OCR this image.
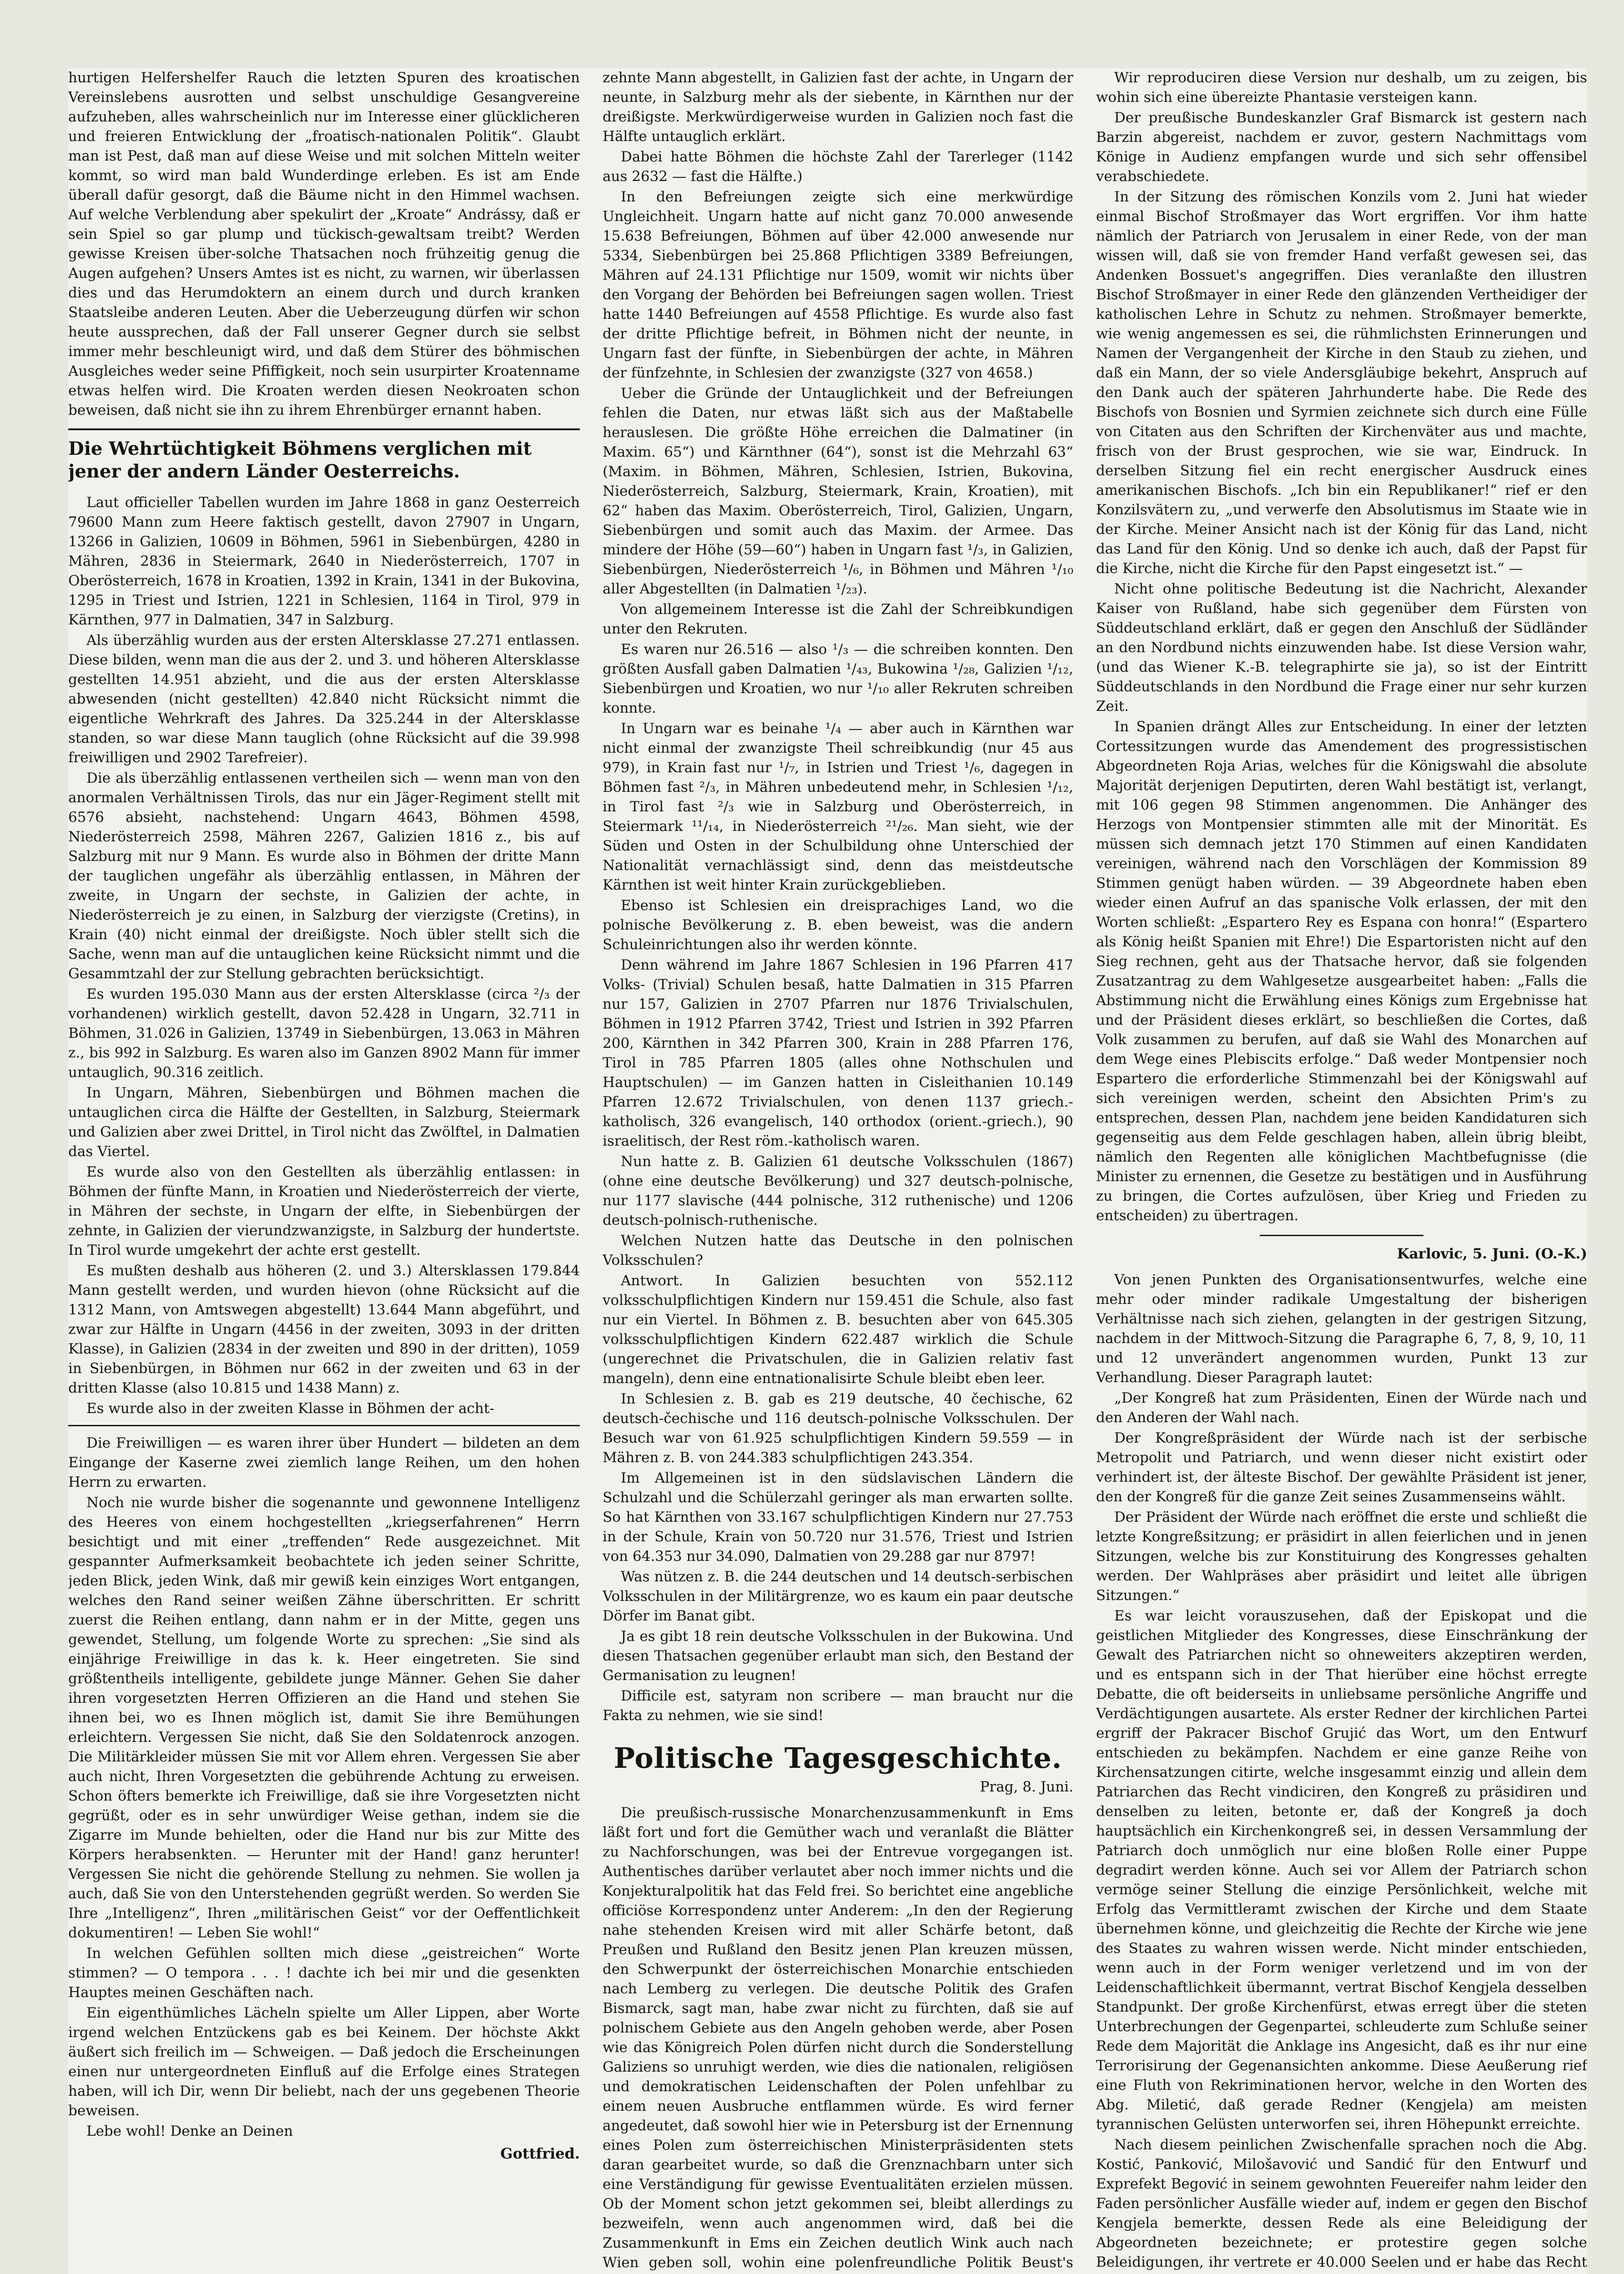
hurtigen Helfershelfer Rauch die letzten Spuren des kroatischen Vereinslebens ausrotten und selbst unschuldige Gesangvereine aufzuheben, alles wahrscheinlich nur im Interesse einer glücklicheren und freieren Entwicklung der „froatisch-nationalen Politik“. Glaubt man ist Pest, daß man auf diese Weise und mit solchen Mitteln weiter kommt, so wird man bald Wunderdinge erleben. Es ist am Ende überall dafür gesorgt, daß die Bäume nicht in den Himmel wachsen. Auf welche Verblendung aber spekulirt der „Kroate“ Andrássy, daß er sein Spiel so gar plump und tückisch-gewaltsam treibt? Werden gewisse Kreisen über-solche Thatsachen noch frühzeitig genug die Augen aufgehen? Unsers Amtes ist es nicht, zu warnen, wir überlassen dies und das Herumdoktern an einem durch und durch kranken Staatsleibe anderen Leuten. Aber die Ueberzeugung dürfen wir schon heute aussprechen, daß der Fall unserer Gegner durch sie selbst immer mehr beschleunigt wird, und daß dem Stürer des böhmischen Ausgleiches weder seine Pfiffigkeit, noch sein usurpirter Kroatenname etwas helfen wird. Die Kroaten werden diesen Neokroaten schon beweisen, daß nicht sie ihn zu ihrem Ehrenbürger ernannt haben.

Die Wehrtüchtigkeit Böhmens verglichen mit jener der andern Länder Oesterreichs.

Laut officieller Tabellen wurden im Jahre 1868 in ganz Oesterreich 79600 Mann zum Heere faktisch gestellt, davon 27907 in Ungarn, 13266 in Galizien, 10609 in Böhmen, 5961 in Siebenbürgen, 4280 in Mähren, 2836 in Steiermark, 2640 in Niederösterreich, 1707 in Oberösterreich, 1678 in Kroatien, 1392 in Krain, 1341 in der Bukovina, 1295 in Triest und Istrien, 1221 in Schlesien, 1164 in Tirol, 979 in Kärnthen, 977 in Dalmatien, 347 in Salzburg.

Als überzählig wurden aus der ersten Altersklasse 27.271 entlassen. Diese bilden, wenn man die aus der 2. und 3. und höheren Altersklasse gestellten 14.951 abzieht, und die aus der ersten Altersklasse abwesenden (nicht gestellten) 42.840 nicht Rücksicht nimmt die eigentliche Wehrkraft des Jahres. Da 325.244 in der Altersklasse standen, so war diese Mann tauglich (ohne Rücksicht auf die 39.998 freiwilligen und 2902 Tarefreier).

Die als überzählig entlassenen vertheilen sich — wenn man von den anormalen Verhältnissen Tirols, das nur ein Jäger-Regiment stellt mit 6576 absieht, nachstehend: Ungarn 4643, Böhmen 4598, Niederösterreich 2598, Mähren 2267, Galizien 1816 z., bis auf Salzburg mit nur 9 Mann. Es wurde also in Böhmen der dritte Mann der tauglichen ungefähr als überzählig entlassen, in Mähren der zweite, in Ungarn der sechste, in Galizien der achte, in Niederösterreich je zu einen, in Salzburg der vierzigste (Cretins), in Krain (40) nicht einmal der dreißigste. Noch übler stellt sich die Sache, wenn man auf die untauglichen keine Rücksicht nimmt und die Gesammtzahl der zur Stellung gebrachten berücksichtigt.

Es wurden 195.030 Mann aus der ersten Altersklasse (circa ²/₃ der vorhandenen) wirklich gestellt, davon 52.428 in Ungarn, 32.711 in Böhmen, 31.026 in Galizien, 13749 in Siebenbürgen, 13.063 in Mähren z., bis 992 in Salzburg. Es waren also im Ganzen 8902 Mann für immer untauglich, 90.316 zeitlich.

In Ungarn, Mähren, Siebenbürgen und Böhmen machen die untauglichen circa die Hälfte der Gestellten, in Salzburg, Steiermark und Galizien aber zwei Drittel, in Tirol nicht das Zwölftel, in Dalmatien das Viertel.

Es wurde also von den Gestellten als überzählig entlassen: in Böhmen der fünfte Mann, in Kroatien und Niederösterreich der vierte, in Mähren der sechste, in Ungarn der elfte, in Siebenbürgen der zehnte, in Galizien der vierundzwanzigste, in Salzburg der hundertste. In Tirol wurde umgekehrt der achte erst gestellt.

Es mußten deshalb aus höheren (2. und 3.) Altersklassen 179.844 Mann gestellt werden, und wurden hievon (ohne Rücksicht auf die 1312 Mann, von Amtswegen abgestellt) 13.644 Mann abgeführt, und zwar zur Hälfte in Ungarn (4456 in der zweiten, 3093 in der dritten Klasse), in Galizien (2834 in der zweiten und 890 in der dritten), 1059 in Siebenbürgen, in Böhmen nur 662 in der zweiten und 63 in der dritten Klasse (also 10.815 und 1438 Mann) z.

Es wurde also in der zweiten Klasse in Böhmen der acht-

Die Freiwilligen — es waren ihrer über Hundert — bildeten an dem Eingange der Kaserne zwei ziemlich lange Reihen, um den hohen Herrn zu erwarten.

Noch nie wurde bisher die sogenannte und gewonnene Intelligenz des Heeres von einem hochgestellten „kriegserfahrenen“ Herrn besichtigt und mit einer „treffenden“ Rede ausgezeichnet. Mit gespannter Aufmerksamkeit beobachtete ich jeden seiner Schritte, jeden Blick, jeden Wink, daß mir gewiß kein einziges Wort entgangen, welches den Rand seiner weißen Zähne überschritten. Er schritt zuerst die Reihen entlang, dann nahm er in der Mitte, gegen uns gewendet, Stellung, um folgende Worte zu sprechen: „Sie sind als einjährige Freiwillige in das k. k. Heer eingetreten. Sie sind größtentheils intelligente, gebildete junge Männer. Gehen Sie daher ihren vorgesetzten Herren Offizieren an die Hand und stehen Sie ihnen bei, wo es Ihnen möglich ist, damit Sie ihre Bemühungen erleichtern. Vergessen Sie nicht, daß Sie den Soldatenrock anzogen. Die Militärkleider müssen Sie mit vor Allem ehren. Vergessen Sie aber auch nicht, Ihren Vorgesetzten die gebührende Achtung zu erweisen. Schon öfters bemerkte ich Freiwillige, daß sie ihre Vorgesetzten nicht gegrüßt, oder es in sehr unwürdiger Weise gethan, indem sie die Zigarre im Munde behielten, oder die Hand nur bis zur Mitte des Körpers herabsenkten. — Herunter mit der Hand! ganz herunter! Vergessen Sie nicht die gehörende Stellung zu nehmen. Sie wollen ja auch, daß Sie von den Unterstehenden gegrüßt werden. So werden Sie Ihre „Intelligenz“, Ihren „militärischen Geist“ vor der Oeffentlichkeit dokumentiren! — Leben Sie wohl!“

In welchen Gefühlen sollten mich diese „geistreichen“ Worte stimmen? — O tempora . . . ! dachte ich bei mir und die gesenkten Hauptes meinen Geschäften nach.

Ein eigenthümliches Lächeln spielte um Aller Lippen, aber Worte irgend welchen Entzückens gab es bei Keinem. Der höchste Akkt äußert sich freilich im — Schweigen. — Daß jedoch die Erscheinungen einen nur untergeordneten Einfluß auf die Erfolge eines Strategen haben, will ich Dir, wenn Dir beliebt, nach der uns gegebenen Theorie beweisen.

Lebe wohl! Denke an Deinen

Gottfried.

zehnte Mann abgestellt, in Galizien fast der achte, in Ungarn der neunte, in Salzburg mehr als der siebente, in Kärnthen nur der dreißigste. Merkwürdigerweise wurden in Galizien noch fast die Hälfte untauglich erklärt.

Dabei hatte Böhmen die höchste Zahl der Tarerleger (1142 aus 2632 — fast die Hälfte.)

In den Befreiungen zeigte sich eine merkwürdige Ungleichheit. Ungarn hatte auf nicht ganz 70.000 anwesende 15.638 Befreiungen, Böhmen auf über 42.000 anwesende nur 5334, Siebenbürgen bei 25.868 Pflichtigen 3389 Befreiungen, Mähren auf 24.131 Pflichtige nur 1509, womit wir nichts über den Vorgang der Behörden bei Befreiungen sagen wollen. Triest hatte 1440 Befreiungen auf 4558 Pflichtige. Es wurde also fast der dritte Pflichtige befreit, in Böhmen nicht der neunte, in Ungarn fast der fünfte, in Siebenbürgen der achte, in Mähren der fünfzehnte, in Schlesien der zwanzigste (327 von 4658.)

Ueber die Gründe der Untauglichkeit und der Befreiungen fehlen die Daten, nur etwas läßt sich aus der Maßtabelle herauslesen. Die größte Höhe erreichen die Dalmatiner (in Maxim. 65“) und Kärnthner (64“), sonst ist die Mehrzahl 63“ (Maxim. in Böhmen, Mähren, Schlesien, Istrien, Bukovina, Niederösterreich, Salzburg, Steiermark, Krain, Kroatien), mit 62“ haben das Maxim. Oberösterreich, Tirol, Galizien, Ungarn, Siebenbürgen und somit auch das Maxim. der Armee. Das mindere der Höhe (59—60“) haben in Ungarn fast ¹/₃, in Galizien, Siebenbürgen, Niederösterreich ¹/₆, in Böhmen und Mähren ¹/₁₀ aller Abgestellten (in Dalmatien ¹/₂₃).

Von allgemeinem Interesse ist die Zahl der Schreibkundigen unter den Rekruten.

Es waren nur 26.516 — also ¹/₃ — die schreiben konnten. Den größten Ausfall gaben Dalmatien ¹/₄₃, Bukowina ¹/₂₈, Galizien ¹/₁₂, Siebenbürgen und Kroatien, wo nur ¹/₁₀ aller Rekruten schreiben konnte.

In Ungarn war es beinahe ¹/₄ — aber auch in Kärnthen war nicht einmal der zwanzigste Theil schreibkundig (nur 45 aus 979), in Krain fast nur ¹/₇, in Istrien und Triest ¹/₆, dagegen in Böhmen fast ²/₃, in Mähren unbedeutend mehr, in Schlesien ¹/₁₂, in Tirol fast ²/₃ wie in Salzburg und Oberösterreich, in Steiermark ¹¹/₁₄, in Niederösterreich ²¹/₂₆. Man sieht, wie der Süden und Osten in der Schulbildung ohne Unterschied der Nationalität vernachlässigt sind, denn das meistdeutsche Kärnthen ist weit hinter Krain zurückgeblieben.

Ebenso ist Schlesien ein dreisprachiges Land, wo die polnische Bevölkerung z. B. eben beweist, was die andern Schuleinrichtungen also ihr werden könnte.

Denn während im Jahre 1867 Schlesien in 196 Pfarren 417 Volks- (Trivial) Schulen besaß, hatte Dalmatien in 315 Pfarren nur 157, Galizien in 2707 Pfarren nur 1876 Trivialschulen, Böhmen in 1912 Pfarren 3742, Triest und Istrien in 392 Pfarren 200, Kärnthen in 342 Pfarren 300, Krain in 288 Pfarren 176, Tirol in 785 Pfarren 1805 (alles ohne Nothschulen und Hauptschulen) — im Ganzen hatten in Cisleithanien 10.149 Pfarren 12.672 Trivialschulen, von denen 1137 griech.-katholisch, 326 evangelisch, 140 orthodox (orient.-griech.), 90 israelitisch, der Rest röm.-katholisch waren.

Nun hatte z. B. Galizien 61 deutsche Volksschulen (1867) (ohne eine deutsche Bevölkerung) und 327 deutsch-polnische, nur 1177 slavische (444 polnische, 312 ruthenische) und 1206 deutsch-polnisch-ruthenische.

Welchen Nutzen hatte das Deutsche in den polnischen Volksschulen?

Antwort. In Galizien besuchten von 552.112 volksschulpflichtigen Kindern nur 159.451 die Schule, also fast nur ein Viertel. In Böhmen z. B. besuchten aber von 645.305 volksschulpflichtigen Kindern 622.487 wirklich die Schule (ungerechnet die Privatschulen, die in Galizien relativ fast mangeln), denn eine entnationalisirte Schule bleibt eben leer.

In Schlesien z. B. gab es 219 deutsche, 40 čechische, 62 deutsch-čechische und 116 deutsch-polnische Volksschulen. Der Besuch war von 61.925 schulpflichtigen Kindern 59.559 — in Mähren z. B. von 244.383 schulpflichtigen 243.354.

Im Allgemeinen ist in den südslavischen Ländern die Schulzahl und die Schülerzahl geringer als man erwarten sollte. So hat Kärnthen von 33.167 schulpflichtigen Kindern nur 27.753 in der Schule, Krain von 50.720 nur 31.576, Triest und Istrien von 64.353 nur 34.090, Dalmatien von 29.288 gar nur 8797!

Was nützen z. B. die 244 deutschen und 14 deutsch-serbischen Volksschulen in der Militärgrenze, wo es kaum ein paar deutsche Dörfer im Banat gibt.

Ja es gibt 18 rein deutsche Volksschulen in der Bukowina. Und diesen Thatsachen gegenüber erlaubt man sich, den Bestand der Germanisation zu leugnen!

Difficile est, satyram non scribere — man braucht nur die Fakta zu nehmen, wie sie sind!

Politische Tagesgeschichte.
Prag, 8. Juni.

Die preußisch-russische Monarchenzusammenkunft in Ems läßt fort und fort die Gemüther wach und veranlaßt die Blätter zu Nachforschungen, was bei der Entrevue vorgegangen ist. Authentisches darüber verlautet aber noch immer nichts und die Konjekturalpolitik hat das Feld frei. So berichtet eine angebliche officiöse Korrespondenz unter Anderem: „In den der Regierung nahe stehenden Kreisen wird mit aller Schärfe betont, daß Preußen und Rußland den Besitz jenen Plan kreuzen müssen, den Schwerpunkt der österreichischen Monarchie entschieden nach Lemberg zu verlegen. Die deutsche Politik des Grafen Bismarck, sagt man, habe zwar nicht zu fürchten, daß sie auf polnischem Gebiete aus den Angeln gehoben werde, aber Posen wie das Königreich Polen dürfen nicht durch die Sonderstellung Galiziens so unruhigt werden, wie dies die nationalen, religiösen und demokratischen Leidenschaften der Polen unfehlbar zu einem neuen Ausbruche entflammen würde. Es wird ferner angedeutet, daß sowohl hier wie in Petersburg ist der Ernennung eines Polen zum österreichischen Ministerpräsidenten stets daran gearbeitet wurde, so daß die Grenznachbarn unter sich eine Verständigung für gewisse Eventualitäten erzielen müssen. Ob der Moment schon jetzt gekommen sei, bleibt allerdings zu bezweifeln, wenn auch angenommen wird, daß bei die Zusammenkunft in Ems ein Zeichen deutlich Wink auch nach Wien geben soll, wohin eine polenfreundliche Politik Beust's

Wir reproduciren diese Version nur deshalb, um zu zeigen, bis wohin sich eine übereizte Phantasie versteigen kann.

Der preußische Bundeskanzler Graf Bismarck ist gestern nach Barzin abgereist, nachdem er zuvor, gestern Nachmittags vom Könige in Audienz empfangen wurde und sich sehr offensibel verabschiedete.

In der Sitzung des römischen Konzils vom 2. Juni hat wieder einmal Bischof Stroßmayer das Wort ergriffen. Vor ihm hatte nämlich der Patriarch von Jerusalem in einer Rede, von der man wissen will, daß sie von fremder Hand verfaßt gewesen sei, das Andenken Bossuet's angegriffen. Dies veranlaßte den illustren Bischof Stroßmayer in einer Rede den glänzenden Vertheidiger der katholischen Lehre in Schutz zu nehmen. Stroßmayer bemerkte, wie wenig angemessen es sei, die rühmlichsten Erinnerungen und Namen der Vergangenheit der Kirche in den Staub zu ziehen, und daß ein Mann, der so viele Andersgläubige bekehrt, Anspruch auf den Dank auch der späteren Jahrhunderte habe. Die Rede des Bischofs von Bosnien und Syrmien zeichnete sich durch eine Fülle von Citaten aus den Schriften der Kirchenväter aus und machte, frisch von der Brust gesprochen, wie sie war, Eindruck. In derselben Sitzung fiel ein recht energischer Ausdruck eines amerikanischen Bischofs. „Ich bin ein Republikaner!“ rief er den Konzilsvätern zu, „und verwerfe den Absolutismus im Staate wie in der Kirche. Meiner Ansicht nach ist der König für das Land, nicht das Land für den König. Und so denke ich auch, daß der Papst für die Kirche, nicht die Kirche für den Papst eingesetzt ist.“ —

Nicht ohne politische Bedeutung ist die Nachricht, Alexander Kaiser von Rußland, habe sich gegenüber dem Fürsten von Süddeutschland erklärt, daß er gegen den Anschluß der Südländer an den Nordbund nichts einzuwenden habe. Ist diese Version wahr, (und das Wiener K.-B. telegraphirte sie ja), so ist der Eintritt Süddeutschlands in den Nordbund die Frage einer nur sehr kurzen Zeit.

In Spanien drängt Alles zur Entscheidung. In einer der letzten Cortessitzungen wurde das Amendement des progressistischen Abgeordneten Roja Arias, welches für die Königswahl die absolute Majorität derjenigen Deputirten, deren Wahl bestätigt ist, verlangt, mit 106 gegen 98 Stimmen angenommen. Die Anhänger des Herzogs von Montpensier stimmten alle mit der Minorität. Es müssen sich demnach jetzt 170 Stimmen auf einen Kandidaten vereinigen, während nach den Vorschlägen der Kommission 89 Stimmen genügt haben würden. — 39 Abgeordnete haben eben wieder einen Aufruf an das spanische Volk erlassen, der mit den Worten schließt: „Espartero Rey es Espana con honra!“ (Espartero als König heißt Spanien mit Ehre!) Die Espartoristen nicht auf den Sieg rechnen, geht aus der Thatsache hervor, daß sie folgenden Zusatzantrag zu dem Wahlgesetze ausgearbeitet haben: „Falls die Abstimmung nicht die Erwählung eines Königs zum Ergebnisse hat und der Präsident dieses erklärt, so beschließen die Cortes, daß Volk zusammen zu berufen, auf daß sie Wahl des Monarchen auf dem Wege eines Plebiscits erfolge.“ Daß weder Montpensier noch Espartero die erforderliche Stimmenzahl bei der Königswahl auf sich vereinigen werden, scheint den Absichten Prim's zu entsprechen, dessen Plan, nachdem jene beiden Kandidaturen sich gegenseitig aus dem Felde geschlagen haben, allein übrig bleibt, nämlich den Regenten alle königlichen Machtbefugnisse (die Minister zu ernennen, die Gesetze zu bestätigen und in Ausführung zu bringen, die Cortes aufzulösen, über Krieg und Frieden zu entscheiden) zu übertragen.

Karlovic, 5. Juni. (O.-K.)

Von jenen Punkten des Organisationsentwurfes, welche eine mehr oder minder radikale Umgestaltung der bisherigen Verhältnisse nach sich ziehen, gelangten in der gestrigen Sitzung, nachdem in der Mittwoch-Sitzung die Paragraphe 6, 7, 8, 9, 10, 11 und 12 unverändert angenommen wurden, Punkt 13 zur Verhandlung. Dieser Paragraph lautet:

„Der Kongreß hat zum Präsidenten, Einen der Würde nach und den Anderen der Wahl nach.

Der Kongreßpräsident der Würde nach ist der serbische Metropolit und Patriarch, und wenn dieser nicht existirt oder verhindert ist, der älteste Bischof. Der gewählte Präsident ist jener, den der Kongreß für die ganze Zeit seines Zusammenseins wählt.

Der Präsident der Würde nach eröffnet die erste und schließt die letzte Kongreßsitzung; er präsidirt in allen feierlichen und in jenen Sitzungen, welche bis zur Konstituirung des Kongresses gehalten werden. Der Wahlpräses aber präsidirt und leitet alle übrigen Sitzungen.“

Es war leicht vorauszusehen, daß der Episkopat und die geistlichen Mitglieder des Kongresses, diese Einschränkung der Gewalt des Patriarchen nicht so ohneweiters akzeptiren werden, und es entspann sich in der That hierüber eine höchst erregte Debatte, die oft beiderseits in unliebsame persönliche Angriffe und Verdächtigungen ausartete. Als erster Redner der kirchlichen Partei ergriff der Pakracer Bischof Grujić das Wort, um den Entwurf entschieden zu bekämpfen. Nachdem er eine ganze Reihe von Kirchensatzungen citirte, welche insgesammt einzig und allein dem Patriarchen das Recht vindiciren, den Kongreß zu präsidiren und denselben zu leiten, betonte er, daß der Kongreß ja doch hauptsächlich ein Kirchenkongreß sei, in dessen Versammlung der Patriarch doch unmöglich nur eine bloßen Rolle einer Puppe degradirt werden könne. Auch sei vor Allem der Patriarch schon vermöge seiner Stellung die einzige Persönlichkeit, welche mit Erfolg das Vermittleramt zwischen der Kirche und dem Staate übernehmen könne, und gleichzeitig die Rechte der Kirche wie jene des Staates zu wahren wissen werde. Nicht minder entschieden, wenn auch in der Form weniger verletzend und im von der Leidenschaftlichkeit übermannt, vertrat Bischof Kengjela desselben Standpunkt. Der große Kirchenfürst, etwas erregt über die steten Unterbrechungen der Gegenpartei, schleuderte zum Schluße seiner Rede dem Majorität die Anklage ins Angesicht, daß es ihr nur eine Terrorisirung der Gegenansichten ankomme. Diese Aeußerung rief eine Fluth von Rekriminationen hervor, welche in den Worten des Abg. Miletić, daß gerade Redner (Kengjela) am meisten tyrannischen Gelüsten unterworfen sei, ihren Höhepunkt erreichte.

Nach diesem peinlichen Zwischenfalle sprachen noch die Abg. Kostić, Panković, Milošavović und Sandić für den Entwurf und Exprefekt Begović in seinem gewohnten Feuereifer nahm leider den Faden persönlicher Ausfälle wieder auf, indem er gegen den Bischof Kengjela bemerkte, dessen Rede als eine Beleidigung der Abgeordneten bezeichnete; er protestire gegen solche Beleidigungen, ihr vertrete er 40.000 Seelen und er habe das Recht
